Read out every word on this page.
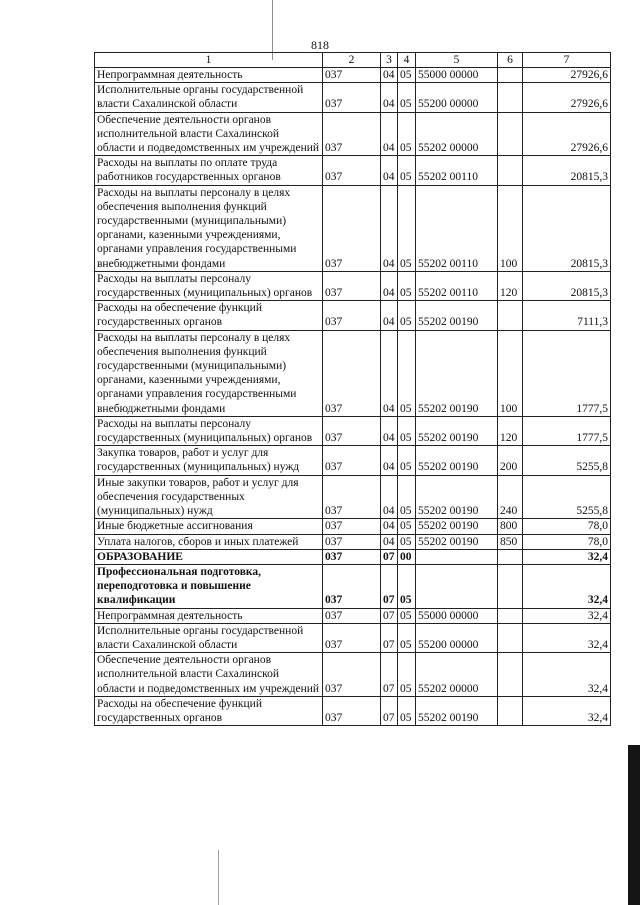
818
1	2	3	4	5	6	7
Непрограммная деятельность	037	04	05	55000 00000		27926,6
Исполнительные органы государственной власти Сахалинской области	037	04	05	55200 00000		27926,6
Обеспечение деятельности органов исполнительной власти Сахалинской области и подведомственных им учреждений	037	04	05	55202 00000		27926,6
Расходы на выплаты по оплате труда работников государственных органов	037	04	05	55202 00110		20815,3
Расходы на выплаты персоналу в целях обеспечения выполнения функций государственными (муниципальными) органами, казенными учреждениями, органами управления государственными внебюджетными фондами	037	04	05	55202 00110	100	20815,3
Расходы на выплаты персоналу государственных (муниципальных) органов	037	04	05	55202 00110	120	20815,3
Расходы на обеспечение функций государственных органов	037	04	05	55202 00190		7111,3
Расходы на выплаты персоналу в целях обеспечения выполнения функций государственными (муниципальными) органами, казенными учреждениями, органами управления государственными внебюджетными фондами	037	04	05	55202 00190	100	1777,5
Расходы на выплаты персоналу государственных (муниципальных) органов	037	04	05	55202 00190	120	1777,5
Закупка товаров, работ и услуг для государственных (муниципальных) нужд	037	04	05	55202 00190	200	5255,8
Иные закупки товаров, работ и услуг для обеспечения государственных (муниципальных) нужд	037	04	05	55202 00190	240	5255,8
Иные бюджетные ассигнования	037	04	05	55202 00190	800	78,0
Уплата налогов, сборов и иных платежей	037	04	05	55202 00190	850	78,0
ОБРАЗОВАНИЕ	037	07	00			32,4
Профессиональная подготовка, переподготовка и повышение квалификации	037	07	05			32,4
Непрограммная деятельность	037	07	05	55000 00000		32,4
Исполнительные органы государственной власти Сахалинской области	037	07	05	55200 00000		32,4
Обеспечение деятельности органов исполнительной власти Сахалинской области и подведомственных им учреждений	037	07	05	55202 00000		32,4
Расходы на обеспечение функций государственных органов	037	07	05	55202 00190		32,4
